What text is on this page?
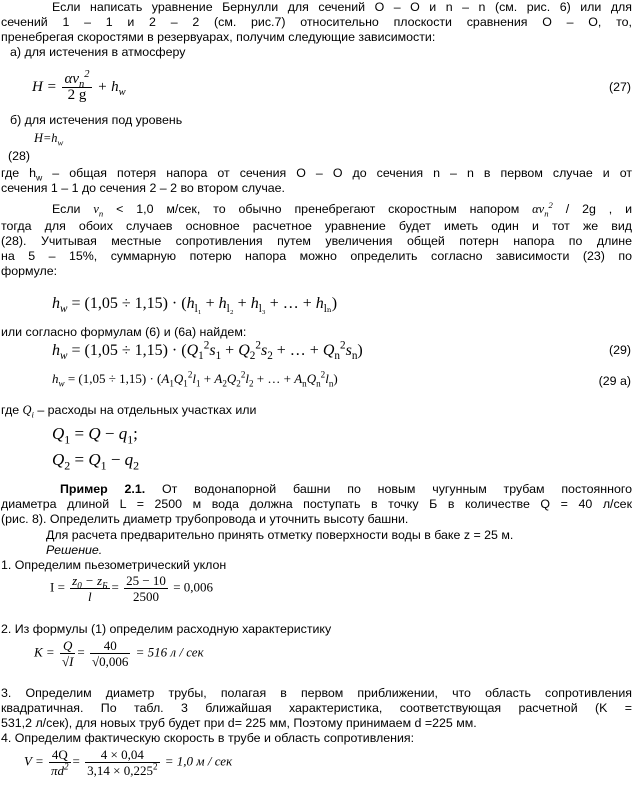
Если написать уравнение Бернулли для сечений О – О и n – n (см. рис. 6) или для
сечений 1 – 1 и 2 – 2 (см. рис.7) относительно плоскости сравнения О – О, то,
пренебрегая скоростями в резервуарах, получим следующие зависимости:
а) для истечения в атмосферу
$H = \frac{\alpha\nu_n^2}{2 g} + h_w$	(27)
б) для истечения под уровень
$H=h_w$
(28)
где $h_w$ – общая потеря напора от сечения О – О до сечения n – n в первом случае и от
сечения 1 – 1 до сечения 2 – 2 во втором случае.
Если $\nu_n < 1,0$ м/сек, то обычно пренебрегают скоростным напором $\alpha\nu_n^2 / 2g$ , и
тогда для обоих случаев основное расчетное уравнение будет иметь один и тот же вид
(28). Учитывая местные сопротивления путем увеличения общей потерн напора по длине
на 5 – 15%, суммарную потерю напора можно определить согласно зависимости (23) по
формуле:
$h_w = (1,05 \div 1,15) \cdot (h_{l_1} + h_{l_2} + h_{l_3}$ + … + $h_{l_n}$)
или согласно формулам (6) и (6а) найдем:
$h_w = (1,05 \div 1,15) \cdot (Q_1^2s_1 + Q_2^2s_2$ + … + $Q_n^2s_n$)	(29)
$h_w = (1,05 \div 1,15) \cdot (A_1Q_1^2l_1 + A_2Q_2^2l_2$ + … + $A_nQ_n^2l_n$)	(29 а)
где $Q_i$ – расходы на отдельных участках или
$Q_1 = Q - q_1$;
$Q_2 = Q_1 - q_2$
Пример 2.1. От водонапорной башни по новым чугунным трубам постоянного
диаметра длиной L = 2500 м вода должна поступать в точку Б в количестве Q = 40 л/сек
(рис. 8). Определить диаметр трубопровода и уточнить высоту башни.
Для расчета предварительно принять отметку поверхности воды в баке z = 25 м.
Решение.
1. Определим пьезометрический уклон
$I = \frac{z_0 - z_Б}{l} = \frac{25 - 10}{2500} = 0,006$
2. Из формулы (1) определим расходную характеристику
$K = \frac{Q}{√I} = \frac{40}{√0,006} = 516$ л / сек
3. Определим диаметр трубы, полагая в первом приближении, что область сопротивления
квадратичная. По табл. 3 ближайшая характеристика, соответствующая расчетной (K =
531,2 л/сек), для новых труб будет при d= 225 мм, Поэтому принимаем d =225 мм.
4. Определим фактическую скорость в трубе и область сопротивления:
$V = \frac{4Q}{\pi d^2} = \frac{4 \times 0,04}{3,14 \times 0,225^2} = 1,0$ м / сек
